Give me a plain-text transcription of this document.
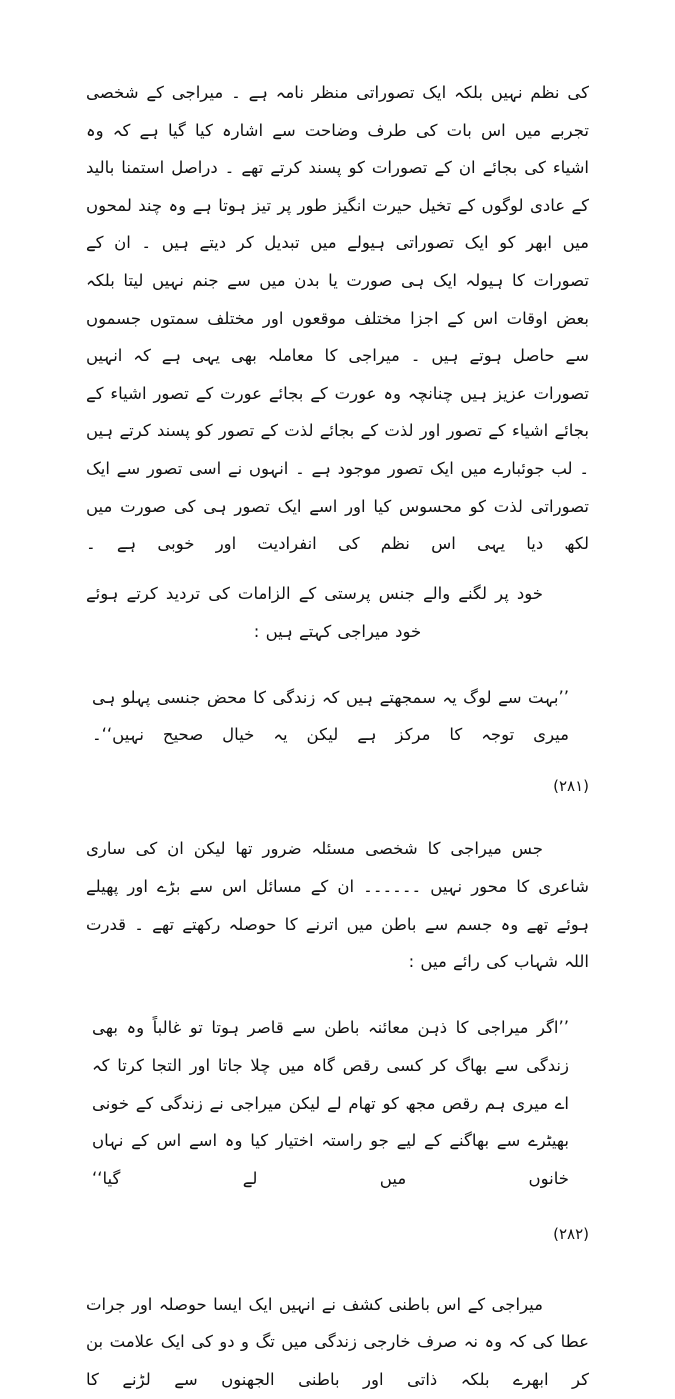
کی نظم نہیں بلکہ ایک تصوراتی منظر نامہ ہے ۔ میراجی کے شخصی تجربے میں اس بات کی طرف وضاحت سے اشارہ کیا گیا ہے کہ وہ اشیاء کی بجائے ان کے تصورات کو پسند کرتے تھے ۔ دراصل استمنا بالید کے عادی لوگوں کے تخیل حیرت انگیز طور پر تیز ہوتا ہے وہ چند لمحوں میں ابھر کو ایک تصوراتی ہیولے میں تبدیل کر دیتے ہیں ۔ ان کے تصورات کا ہیولہ ایک ہی صورت یا بدن میں سے جنم نہیں لیتا بلکہ بعض اوقات اس کے اجزا مختلف موقعوں اور مختلف سمتوں جسموں سے حاصل ہوتے ہیں ۔ میراجی کا معاملہ بھی یہی ہے کہ انہیں تصورات عزیز ہیں چنانچہ وہ عورت کے بجائے عورت کے تصور اشیاء کے بجائے اشیاء کے تصور اور لذت کے بجائے لذت کے تصور کو پسند کرتے ہیں ۔ لب جوئبارے میں ایک تصور موجود ہے ۔ انہوں نے اسی تصور سے ایک تصوراتی لذت کو محسوس کیا اور اسے ایک تصور ہی کی صورت میں لکھ دیا یہی اس نظم کی انفرادیت اور خوبی ہے ۔

خود پر لگنے والے جنس پرستی کے الزامات کی تردید کرتے ہوئے خود میراجی کہتے ہیں :

’’بہت سے لوگ یہ سمجھتے ہیں کہ زندگی کا محض جنسی پہلو ہی میری توجہ کا مرکز ہے لیکن یہ خیال صحیح نہیں‘‘۔

(۲۸۱)

جس میراجی کا شخصی مسئلہ ضرور تھا لیکن ان کی ساری شاعری کا محور نہیں ۔۔۔۔۔۔ ان کے مسائل اس سے بڑے اور پھیلے ہوئے تھے وہ جسم سے باطن میں اترنے کا حوصلہ رکھتے تھے ۔ قدرت اللہ شہاب کی رائے میں :

’’اگر میراجی کا ذہن معائنہ باطن سے قاصر ہوتا تو غالباً وہ بھی زندگی سے بھاگ کر کسی رقص گاہ میں چلا جاتا اور التجا کرتا کہ اے میری ہم رقص مجھ کو تھام لے لیکن میراجی نے زندگی کے خونی بھیٹرے سے بھاگنے کے لیے جو راستہ اختیار کیا وہ اسے اس کے نہاں خانوں میں لے گیا‘‘

(۲۸۲)

میراجی کے اس باطنی کشف نے انہیں ایک ایسا حوصلہ اور جرات عطا کی کہ وہ نہ صرف خارجی زندگی میں تگ و دو کی ایک علامت بن کر ابھرے بلکہ ذاتی اور باطنی الجھنوں سے لڑنے کا
